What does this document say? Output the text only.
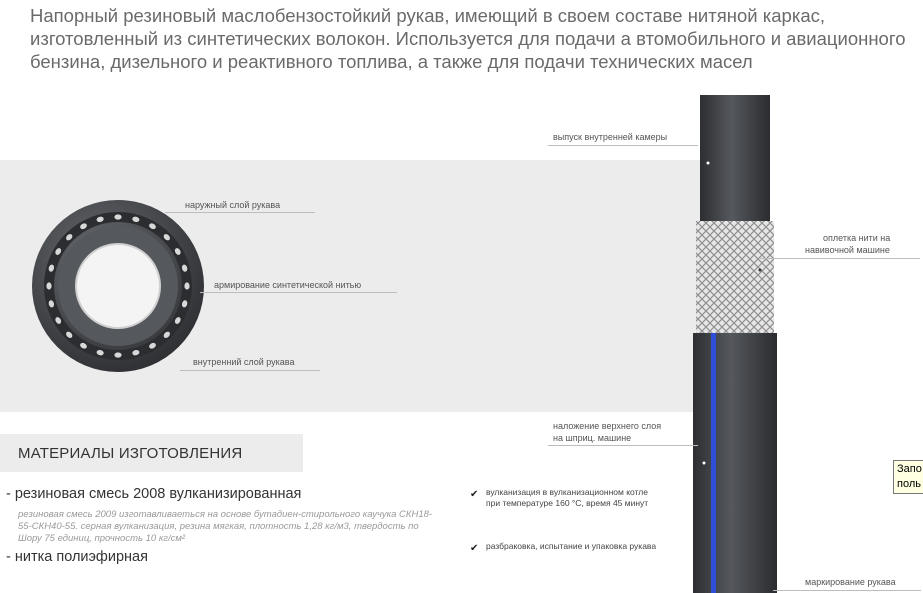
Напорный резиновый маслобензостойкий рукав, имеющий в своем составе нитяной каркас, изготовленный из синтетических волокон. Используется для подачи а втомобильного и авиационного бензина, дизельного и реактивного топлива, а также для подачи технических масел

наружный слой рукава
армирование синтетической нитью
внутренний слой рукава
выпуск внутренней камеры
оплетка нити на
навивочной машине
наложение верхнего слоя
на шприц. машине
маркирование рукава
✔ вулканизация в вулканизационном котле
при температуре 160 °С, время 45 минут
✔ разбраковка, испытание и упаковка рукава
МАТЕРИАЛЫ ИЗГОТОВЛЕНИЯ
- резиновая смесь 2008 вулканизированная
резиновая смесь 2009 изготавливаеться на основе бутадиен-стирольного каучука СКН18-55-СКН40-55. серная вулканизация, резина мягкая, плотность 1,28 кг/м3, твердость по Шору 75 единиц, прочность 10 кг/см²
- нитка полиэфирная
Запо
поль
